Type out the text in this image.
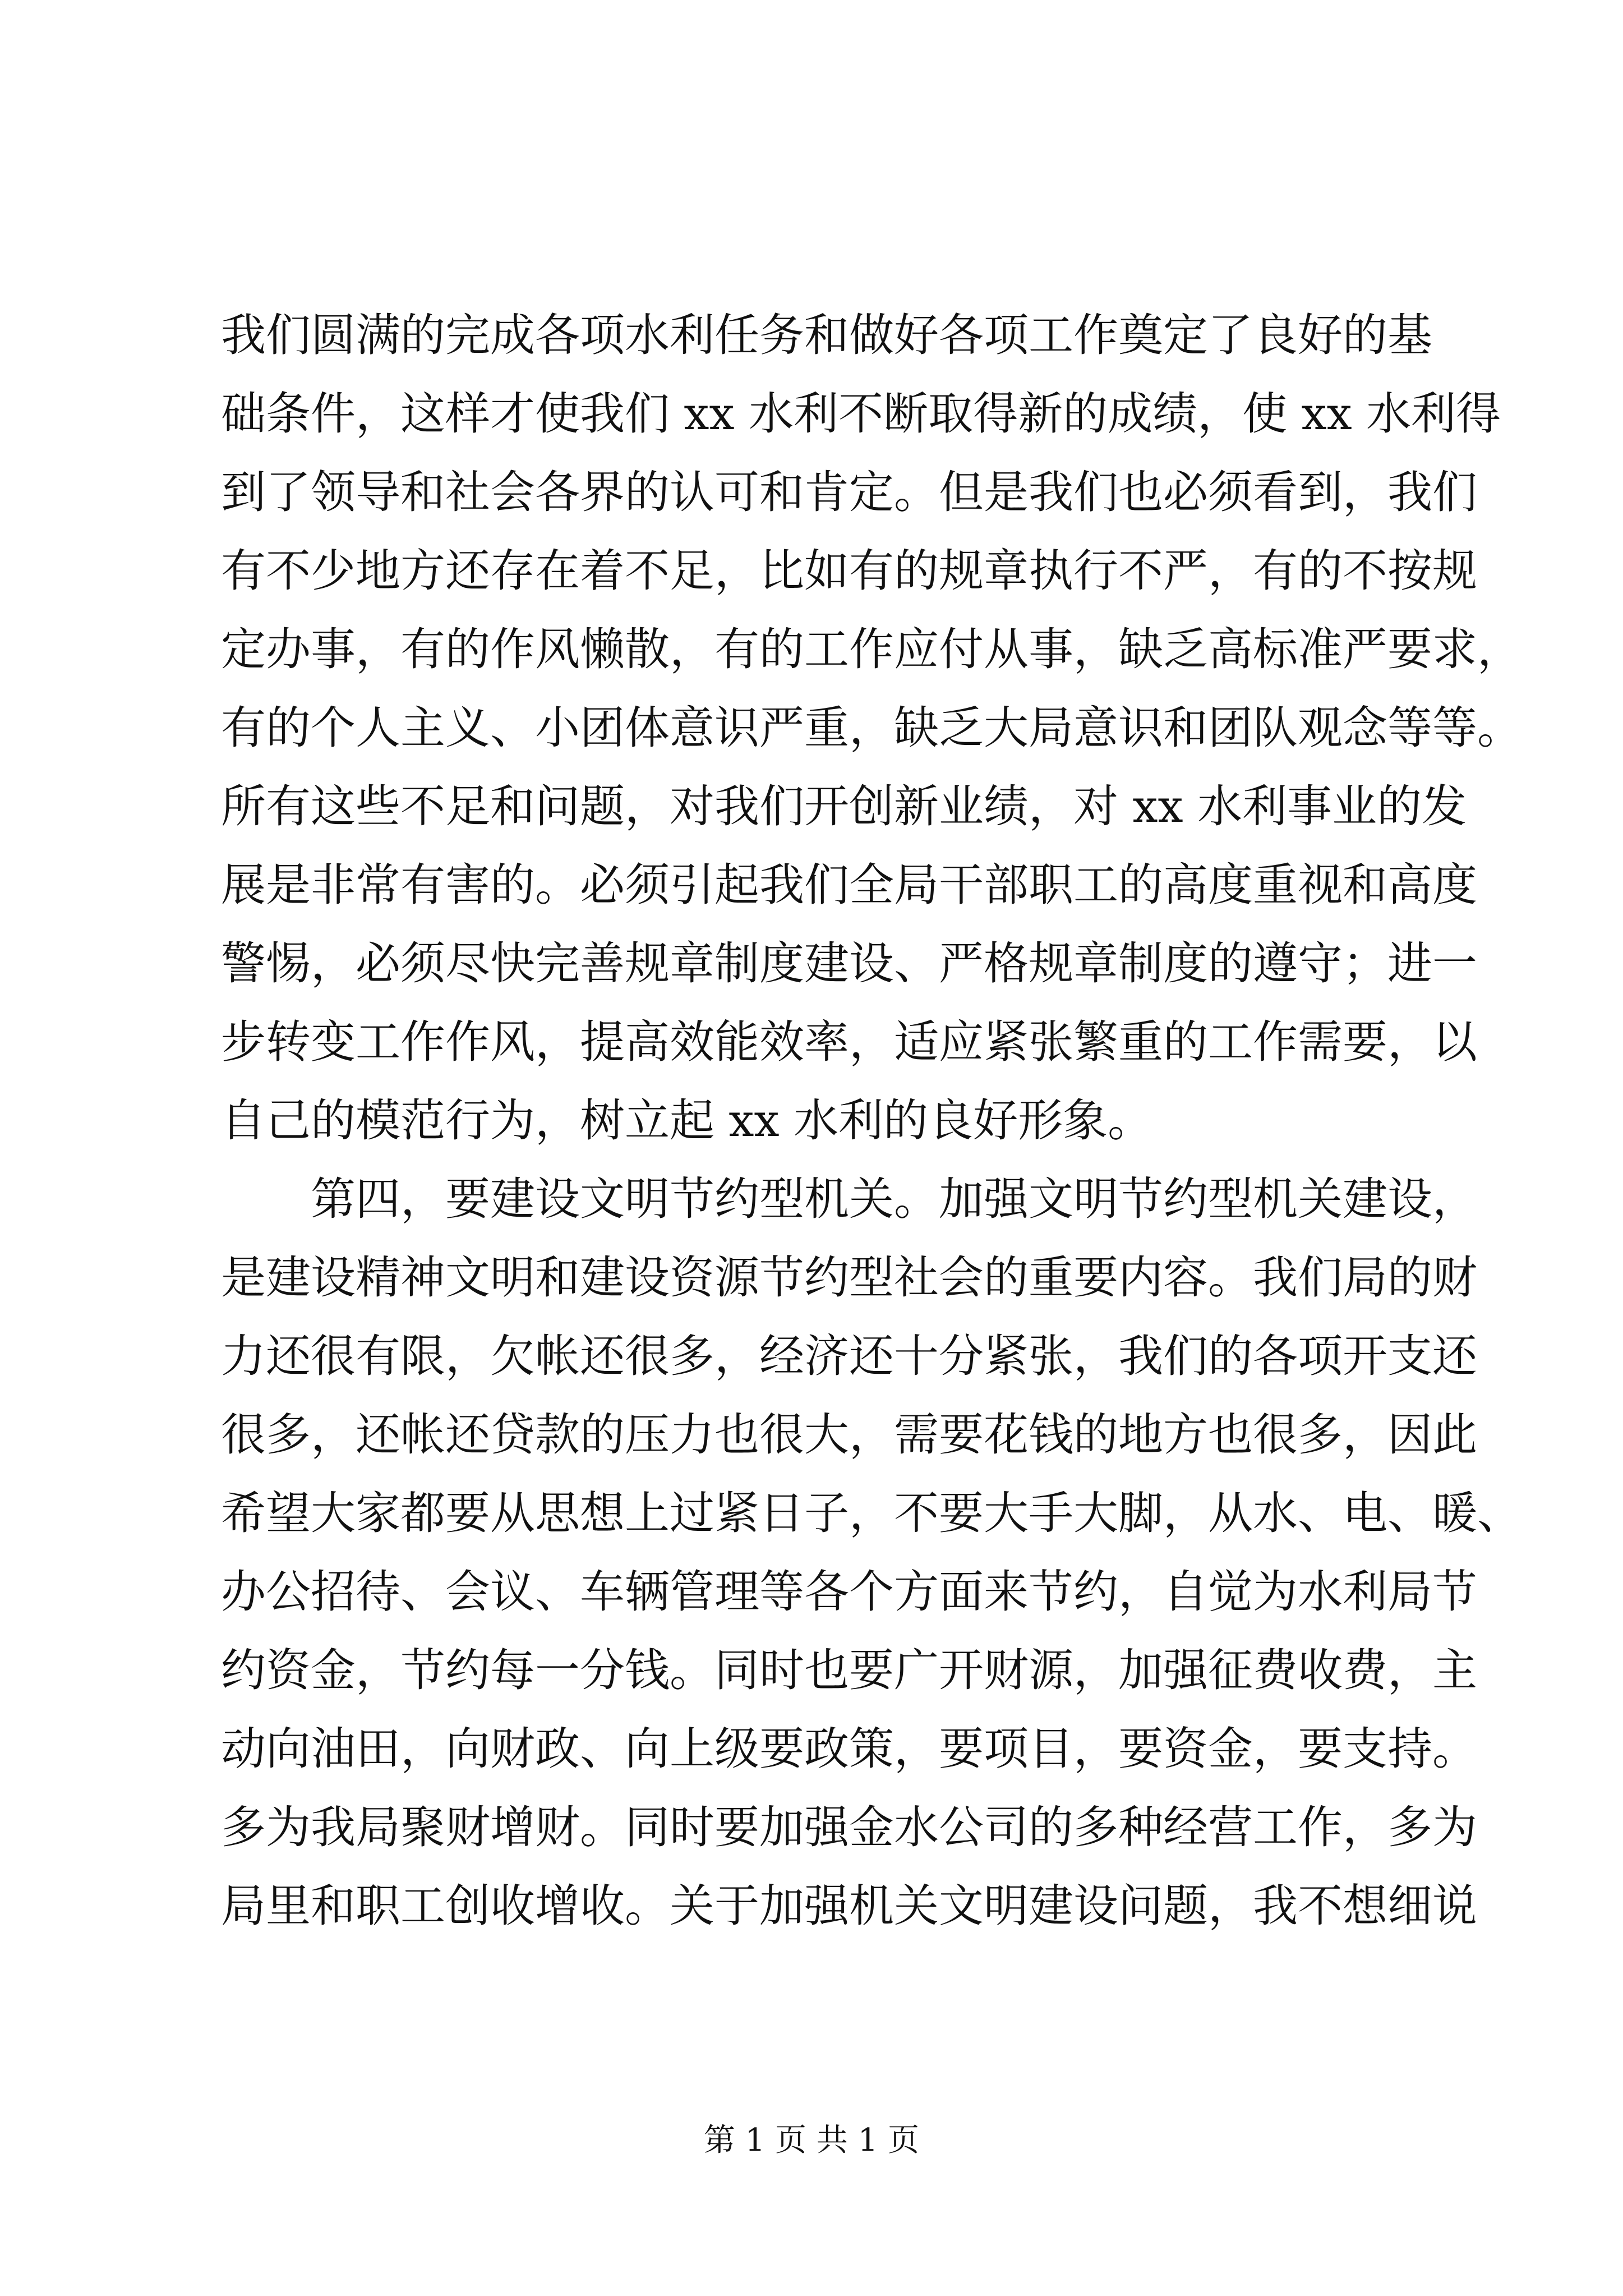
我们圆满的完成各项水利任务和做好各项工作奠定了良好的基
础条件，这样才使我们 xx 水利不断取得新的成绩，使 xx 水利得
到了领导和社会各界的认可和肯定。但是我们也必须看到，我们
有不少地方还存在着不足，比如有的规章执行不严，有的不按规
定办事，有的作风懒散，有的工作应付从事，缺乏高标准严要求，
有的个人主义、小团体意识严重，缺乏大局意识和团队观念等等。
所有这些不足和问题，对我们开创新业绩，对 xx 水利事业的发
展是非常有害的。必须引起我们全局干部职工的高度重视和高度
警惕，必须尽快完善规章制度建设、严格规章制度的遵守；进一
步转变工作作风，提高效能效率，适应紧张繁重的工作需要，以
自己的模范行为，树立起 xx 水利的良好形象。
　　第四，要建设文明节约型机关。加强文明节约型机关建设，
是建设精神文明和建设资源节约型社会的重要内容。我们局的财
力还很有限，欠帐还很多，经济还十分紧张，我们的各项开支还
很多，还帐还贷款的压力也很大，需要花钱的地方也很多，因此
希望大家都要从思想上过紧日子，不要大手大脚，从水、电、暖、
办公招待、会议、车辆管理等各个方面来节约，自觉为水利局节
约资金，节约每一分钱。同时也要广开财源，加强征费收费，主
动向油田，向财政、向上级要政策，要项目，要资金，要支持。
多为我局聚财增财。同时要加强金水公司的多种经营工作，多为
局里和职工创收增收。关于加强机关文明建设问题，我不想细说
第 1 页 共 1 页
